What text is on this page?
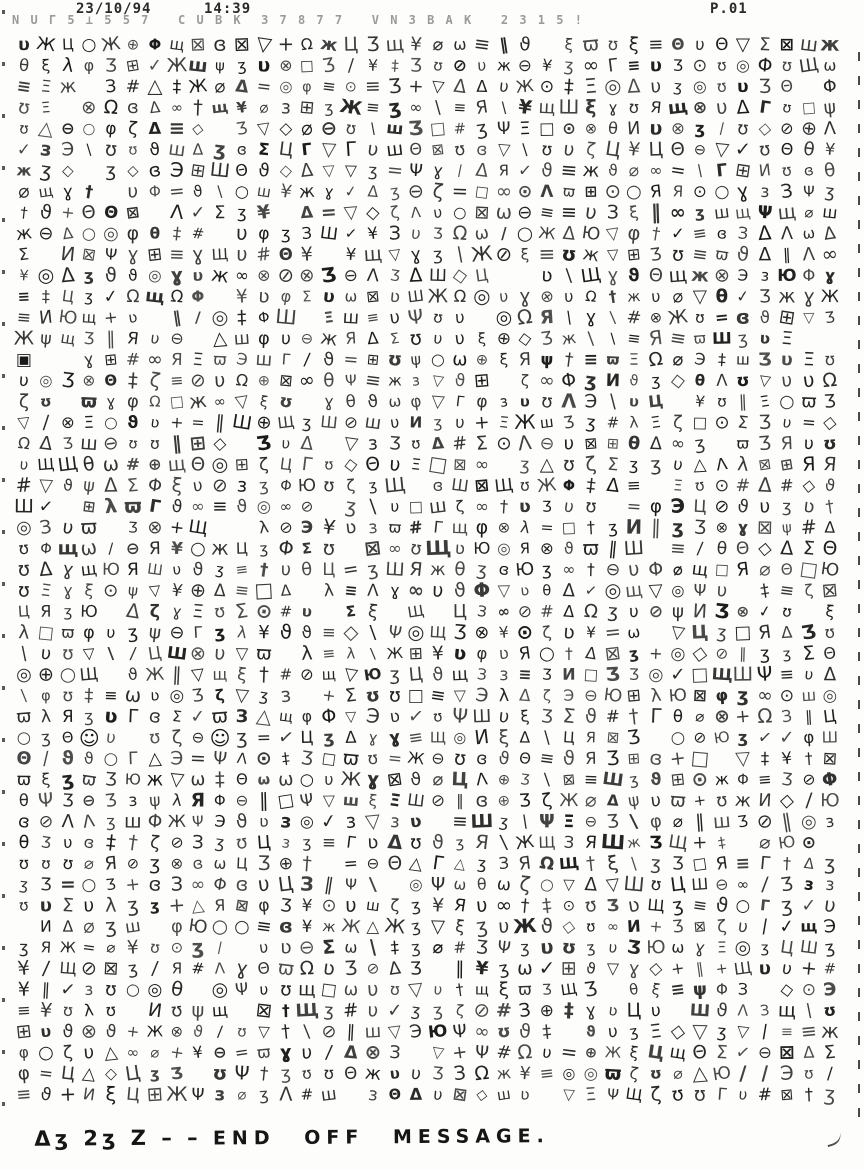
23/10/94	14:39	P.01
N U Γ 5 ⊥ 5 5 7   C U B K  3 7 8 7 7   V N 3 B A K   2 3 1 5 !
υ Ж Ц ○ Ж ⊕ Φ щ ⊠ ɞ ⊠ ▽ + Ω ж Ц Ʒ щ ¥ ⌀ ω ≡ ‖ ϑ
	ξ ϖ ʊ ξ ≡ Θ υ Θ ▽ Σ ⊠ ш ж
θ ξ λ φ Ʒ ⊞ ✓ Ж ш ψ ʒ υ ⊗ □ Ʒ / ¥ ‡ Ʒ ʊ ⊘ υ ж ⊖ ¥ ʒ ∞ Γ ≡ υ Ʒ ⊙ ʊ ◎ Φ ʊ Щ ω
≡ Ξ ж
	З # △ ‡ Ж ⌀ Δ = ◎ φ ≡ ⊙ ≡ Ʒ + ▽ Δ Δ υ Ж ⊙ ‡ Ξ ◎ Δ υ ʒ ◎ ʊ υ Ʒ Θ
Φ
ʊ Ξ
⊗ Ω ɞ Δ ∞ † щ ¥ ⌀ з ⊞ ʒ Ж ≡ ʒ ∞ \ ≡ Я \ ¥ щ Ш ξ ɣ ʊ Я щ ⊗ υ Δ Γ ʊ □ ψ
ʊ △ ⊖ ○ φ ζ Δ ≡ ◇
Ʒ ▽ ◇ ⌀ ⊖ ʊ \ ш Ʒ □ # ʒ Ψ Ξ □ ⊙ ⊗ θ И υ ⊗ ʒ / ʊ ◇ ⊘ ⊕ Λ
✓ з Э \ ʊ ʊ ϑ ш Δ ʒ ɞ Σ Ц Γ ▽ Γ υ ш Θ ⊠ ʊ ɞ ▽ \ ʊ υ ζ Ц ¥ Ц Θ ⊖ ▽ ✓ ʊ Θ θ ¥
ж ʒ ◇
	ʒ ◇ ɞ Э ⊞ Ш Θ ϑ ◇ Δ ▽ ▽ ʒ = Ψ ɣ / Δ Я ✓ ϑ ≡ ж ϑ ⌀ ∞ = \ Γ ⊞ И ʊ ɞ θ
⌀ щ ɣ †
	υ Φ = ϑ \ ○ ш ¥ ж ɣ ✓ Δ ʒ ⊖ ζ = □ ∞ ⊙ Λ ϖ ⊞ ⊙ ○ Я Я ⊙ ○ ɣ з З Ψ ʒ
† ϑ + Θ Θ ⊠
	Λ ✓ Σ ʒ ¥
	Δ = ▽ ◇ ζ Λ υ ○ ⊠ ω ⊖ ≡ ≡ υ З ξ ‖ ∞ ʒ ш щ Ψ щ ⌀ ш
ж ⊖ Δ ○ ◎ φ θ ‡ #
	υ φ ʒ З Ш ✓ ¥ З υ Ʒ Ω ω / ○ Ж Δ Ю ▽ φ † ✓ ≡ ɞ З Δ Λ ω Δ
Σ
	И ⊠ Ψ ɣ ⊞ ≡ ɣ Щ υ # Θ ¥
	¥ щ ▽ ɣ ʒ \ Ж ⊘ ξ ≡ ʊ ж ▽ ⊞ Ʒ ʊ ≡ ϖ ϑ Δ ‖ Λ ∞
¥ ◎ Δ ʒ ϑ ϑ ◎ ɣ υ ж ∞ ⊗ ⊘ ⊗ Ʒ ⊖ Λ Ʒ Δ Ш ◇ Ц

	ʋ \ Щ ɣ ϑ Θ щ ж ⊗ Э з Ю Φ ɣ
≡ ‡ Ц ʒ ✓ Ω щ Ω Φ
	¥ ʋ φ Σ υ ω ⊠ ʋ Ш Ж Ω ◎ υ ɣ ⊗ υ Ω † ж υ ⌀ ▽ θ ✓ Ʒ ж ɣ Ж
≡ И Ю щ + ʋ
	‖ / ◎ ‡ Φ Ш
Ξ ш ≡ υ Ψ ʊ υ
	◎ Ω Я \ ɣ \ # ⊗ Ж ʊ = ɞ ϑ ⊞ ▽ Ʒ
Ж ψ щ Ʒ ‖ Я υ ⊖
△ ш φ υ ⊖ ж Я Δ Σ ʊ υ υ ξ ⊕ ◇ Ʒ ж \ \ ≡ Я ≡ ϖ Ш ʒ ʋ Ξ

▣

	ɣ ⊞ # ∞ Я Ξ ϖ Э ш Γ / ϑ = ⊞ ʊ ψ ○ ω ⊕ ξ Я ψ † ≡ ϖ Ξ Ω ⌀ Э ‡ ш Ʒ υ Ξ ʊ
υ ◎ Ʒ ⊗ Θ ‡ ζ ≡ ⊘ υ Ω ⊕ ⊠ ∞ θ Ψ ≡ ж з ▽ ϑ ⊞
	ζ ∞ Φ ʒ И ϑ ʒ ◇ θ Λ ʊ ▽ υ υ Ω
ζ ʊ
ϖ ɣ φ Ω □ ж ∞ ▽ ξ ʊ
	ɣ θ ϑ ω φ ▽ Γ φ з υ ʊ Λ Э \ υ Ц
¥ ʊ ‖ Ξ ○ ϖ Ʒ
▽ / ⊗ Ξ ○ ϑ ʋ + = ‖ Ш ⊕ Щ ʒ Ш ⊘ ш υ И ʒ υ + Ξ Ж ш Ʒ ʒ # λ Ξ ζ □ ⊙ Σ Ʒ υ = ◇
Ω Δ Ʒ ш ⊖ ʊ ʊ ‖ ⊞ ◇
Ʒ υ Δ
	▽ з Ʒ ʊ Δ # Σ ⊙ Λ ⊖ υ ⊠ ⊞ θ Δ ∞ ʒ
	ϖ Ʒ Я υ ʊ
υ Щ Щ θ ω # ⊕ щ Θ ◎ ⊞ ζ Ц Γ ʊ ◇ Θ υ Ξ □ ⊠ ∞
	ʒ △ ʊ ζ Σ ʒ ʒ υ △ Λ λ ⊠ ⊞ Я Я
# ▽ ϑ ψ Δ Σ Φ ξ υ ⊘ з ʒ Φ Ю ʊ ζ ʒ Щ
ɞ Ш ⊠ Щ ʊ Ж Φ ‡ Δ ≡
Ξ ʊ ⊙ # Δ # ◇ ϑ
Ш ✓
⊞ λ ϖ Γ ϑ ∞ ≡ ϑ ◎ ∞ ⊘
	ʒ \ υ □ ш ζ ∞ † ʋ Ʒ υ ʊ
	= φ Э Ц ⊘ ϑ υ ʒ ʋ †
◎ З υ ϖ
Ʒ ⊗ + Щ

	λ ⊘ Э ¥ ʋ з ϖ # Γ щ φ ⊗ λ = □ † ʒ И ‖ ʒ Ʒ ⊗ ɣ ⊠ ψ # Δ
ʊ Φ щ ω / ⊖ Я ¥ ○ ж Ц ʒ Φ Σ ʊ
	⊠ ∞ ʊ Щ ʋ Ю ◎ Я ⊗ ϑ ϖ ‖ Ш
≡ / θ Θ ◇ Δ Σ Θ
ʊ Δ ɣ щ Ю Я Ш υ ϑ ʒ ≡ † υ θ Ц = ʒ Ш Я ж θ ʒ ɞ Ю ʒ ∞ † ⊖ υ Φ ⌀ щ □ Я ⌀ Θ □ Ю
ʊ Ξ ɣ ξ ⊙ ψ ▽ ¥ ⊕ Δ ≡ □ Δ
	λ ≡ Λ ɣ ∞ υ ϑ Φ ▽ ʋ θ Δ ✓ ◎ щ ▽ ◎ Ψ υ
	‡ ≡ ζ ⊠
Ц Я ʒ Ю
	Δ ζ ɣ Ξ ʊ Σ ⊙ # υ
Σ ξ
	Щ
Ц З ∞ ⊘ # Δ Ω ʒ υ ⊘ ψ И Ʒ ⊗ ✓ ʊ
	ξ
λ □ ϖ φ υ ʒ ψ ⊖ Γ ʒ λ ¥ ϑ ϑ ≡ ◇ \ Ψ ◎ Щ Ʒ ⊗ ¥ ⊙ ζ ʋ ¥ = ω
▽ Ц ʒ □ Я Δ Ʒ ʊ
\ υ ʊ ▽ \ / Ц Ш ⊗ υ ▽ ϖ
	λ ≡ λ \ Ж ⊞ ¥ ʋ φ ʋ Я ○ † Δ ⊠ ʒ + ◎ ◇ ⊘ ‖ ʒ ʒ Σ Θ
◎ ⊕ ○ Щ
	ϑ Ж ‖ ▽ щ ξ † # ⊘ щ ▽ Ю ʒ Ц ϑ щ З з ≡ Ʒ И □ Ʒ Ʒ ◎ ✓ □ Щ Ш Ψ ≡ υ Δ
\ φ ʊ ‡ ≡ ω ʋ ◎ Ʒ ζ ▽ ʒ з
	+ Σ ʊ ʊ □ ≡ ▽ Э λ Δ ζ Э ⊖ Ю ⊞ λ Ю ⊠ φ ʒ ∞ ⊙ ш ◎
ϖ λ Я ʒ ʋ Γ ɞ Σ ✓ ϖ З △ щ φ Φ ▽ Э ʋ ✓ ʊ Ψ Ш υ ξ Ʒ Σ ϑ # † Γ θ ⌀ ⊗ + Ω З ‖ Ц
○ ʒ Θ ☺ υ
	ʊ ζ ⊖ ☺ ʒ = ✓ Ц ʒ Δ ɣ ɣ ≡ Щ ◎ И ξ Δ \ Ц Я ⊠ Ʒ
	○ ⊘ Ю ʒ ✓ ✓ φ Ш
Θ / ϑ ϑ ○ Γ △ Э = Ψ Λ ⊙ ‡ Ʒ □ ϖ ʊ = Ж ⊖ ʊ ɞ ϑ Θ ≡ ϑ Я Ʒ ⊞ ɞ + □
▽ ‡ ¥ † ⊠
ϖ ξ ʒ ϖ Ʒ Ю ж ▽ ω ‡ Θ ω ω ○ υ Ж ɣ ⊠ ϑ ⌀ Ц Λ ⊕ Ʒ \ ⊠ ≡ Ш ʒ ϑ ⊞ ⊙ ж Φ ≡ Ʒ ⊘ Φ
θ Ψ Ʒ ⊖ Ʒ з ψ λ Я Φ ⊖ ‖ □ Ψ ▽ ш ξ Ξ Ш ⊘ ‖ ɞ ⊕ Ʒ ζ Ж ⌀ Δ ψ υ ϖ + ʊ ж И ◇ / Ю
ɞ ⊘ Λ Λ ʒ ш Φ Ж Ψ Э ϑ ʋ з ◎ ✓ з ▽ з ʋ
	≡ Ш ʒ \ Ψ Ξ ⊖ Ʒ \ φ ⌀ ‖ ш Ʒ ⊘ ‖ ◎ з
θ Ʒ υ ɞ ‡ † ζ ⊘ З ʒ ʊ Ц з ʒ ≡ Γ ʋ Δ ʊ ϑ ʒ Я \ Ж Щ З Я Ш ж Ʒ Щ + ‡
	⌀ Ю ⊙

ʊ ʊ ʊ ⌀ Я ⊘ ʒ ⊗ ɞ ω Ц Ʒ ⊕ †
	= ⊖ Θ △ Γ △ ʒ З Я Ω Щ † ξ \ ʒ Ʒ □ Я ≡ Γ † Δ ʒ
ʒ Ʒ = ○ Ʒ + ɞ З ∞ Φ ɞ υ Ц З ‖ Ψ \
	◎ Ψ ω θ ω ζ ○ ▽ Δ ▽ Ш ʊ Ц Ш ⊖ ∞ / Ʒ з з
ʊ υ Σ υ λ ʒ ʒ + △ Я ⊠ φ Ʒ ¥ ⊙ υ ш ζ ʒ ¥ Я υ ∞ † ‡ ⊙ ʊ Ʒ ʋ Щ ʒ ≡ ϑ ○ Γ ʒ ✓ υ

И Δ ⌀ ʒ ш
	φ Ю ○ ○ ≡ ɞ ¥ ж Ж △ Ж ʒ ▽ ξ ʒ υ Ж ϑ ◇ ʊ ∞ И + Ʒ ⊠ ζ υ / ✓ щ Э
ʒ Я Ж = ⌀ ¥ ʊ ⊙ ʒ /
	υ ʋ ⊖ Σ ω \ ‡ ʒ ⌀ # Ʒ Ψ ʒ υ ʊ ʒ υ Ʒ Ю ω ɣ Ξ ◎ ʒ Ц Ш ʒ
¥ / Щ ⊘ ⊠ ʒ / Я # Λ ɣ Θ ϖ Ω ʋ Ʒ ⊘ Δ Ʒ
	‖ ¥ ʒ ω ✓ ⊞ ϑ ▽ ɣ ◇ + ‖ + Щ υ υ + #
¥ ‖ ✓ з ʊ ○ ◎ θ
	◎ Ψ υ ʊ щ □ ω υ ʊ ▽ υ † щ ξ ϖ Ʒ Щ Ʒ
	θ ξ ≡ ψ Φ З
	◇ ⊙ Э
≡ ¥ ʊ λ ʊ
	И ʊ ψ щ
⊠ † Щ ʒ # υ ✓ ʒ ʒ ζ ⊘ # З ⊕ ‡ ɣ ʋ Ц υ
	Ш ϑ Λ З щ \ ʊ
⊞ υ ϑ ⊗ ϑ + Ж ⊗ ϑ / ʊ ▽ † \ ⊘ ‖ ш ▽ Э Ю Ψ ∞ ʊ ϑ ‡
	ϑ υ ʒ Ξ ◇ ▽ ʒ ▽ / ≡ ≡ ж
φ ○ ζ υ △ ∞ ⌀ + ¥ ⊖ = ϖ ɣ υ / Δ ⊗ З
	▽ + Ψ # Ω υ = ⊕ Ж ξ Ц щ Θ Σ ✓ ⊖ ⊠ Δ Σ
φ = Ц △ ◇ Ц ʒ Ʒ
ʊ Ψ † ʒ ʊ ʊ Θ ж υ υ Ʒ З Ω ж ¥ ≡ ◎ ◎ ϖ ζ ʊ ⌀ △ Ю / / Э ʊ /
≡ ϑ + И ξ Ц ⊞ Ж Ψ з ⌀ ʒ Λ # ш
	з Θ Δ υ ⊠ ◇ ш ʋ
	▽ Ξ Ψ Щ ζ ʊ ʊ Γ υ # ⊠ † ʒ

Δʒ 2ʒ Z – – END OFF MESSAGE.
